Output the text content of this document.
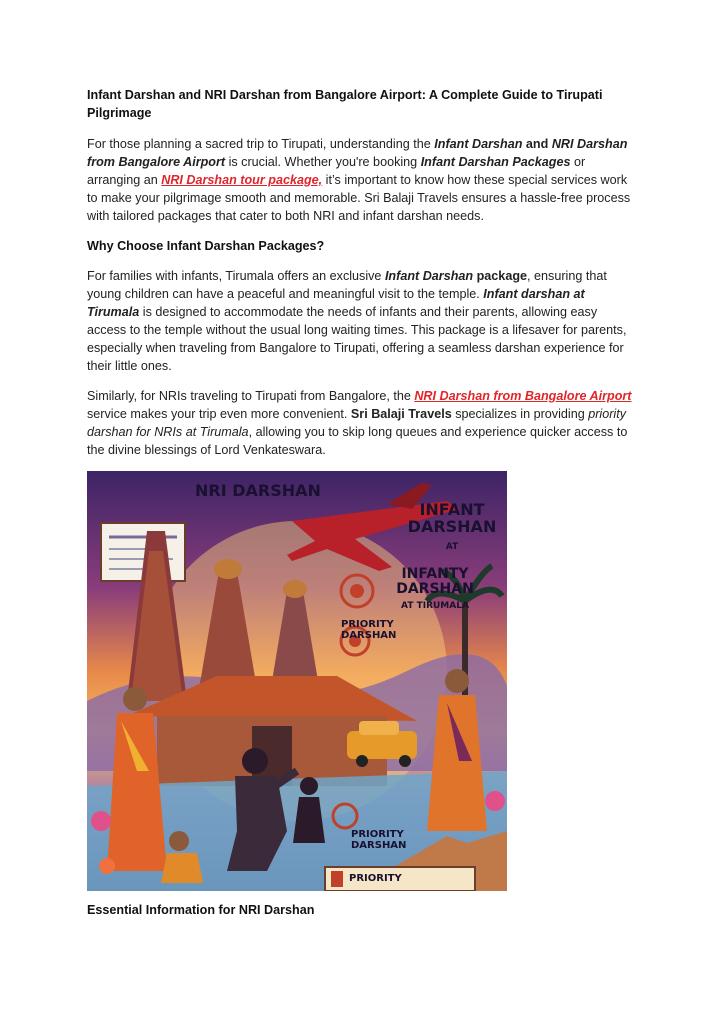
Infant Darshan and NRI Darshan from Bangalore Airport: A Complete Guide to Tirupati Pilgrimage

For those planning a sacred trip to Tirupati, understanding the Infant Darshan and NRI Darshan from Bangalore Airport is crucial. Whether you're booking Infant Darshan Packages or arranging an NRI Darshan tour package, it’s important to know how these special services work to make your pilgrimage smooth and memorable. Sri Balaji Travels ensures a hassle-free process with tailored packages that cater to both NRI and infant darshan needs.

Why Choose Infant Darshan Packages?

For families with infants, Tirumala offers an exclusive Infant Darshan package, ensuring that young children can have a peaceful and meaningful visit to the temple. Infant darshan at Tirumala is designed to accommodate the needs of infants and their parents, allowing easy access to the temple without the usual long waiting times. This package is a lifesaver for parents, especially when traveling from Bangalore to Tirupati, offering a seamless darshan experience for their little ones.

Similarly, for NRIs traveling to Tirupati from Bangalore, the NRI Darshan from Bangalore Airport service makes your trip even more convenient. Sri Balaji Travels specializes in providing priority darshan for NRIs at Tirumala, allowing you to skip long queues and experience quicker access to the divine blessings of Lord Venkateswara.

NRI DARSHAN
INFANT DARSHAN
AT
INFANTY DARSHAN
AT TIRUMALA
PRIORITY DARSHAN
PRIORITY DARSHAN
PRIORITY
Essential Information for NRI Darshan
